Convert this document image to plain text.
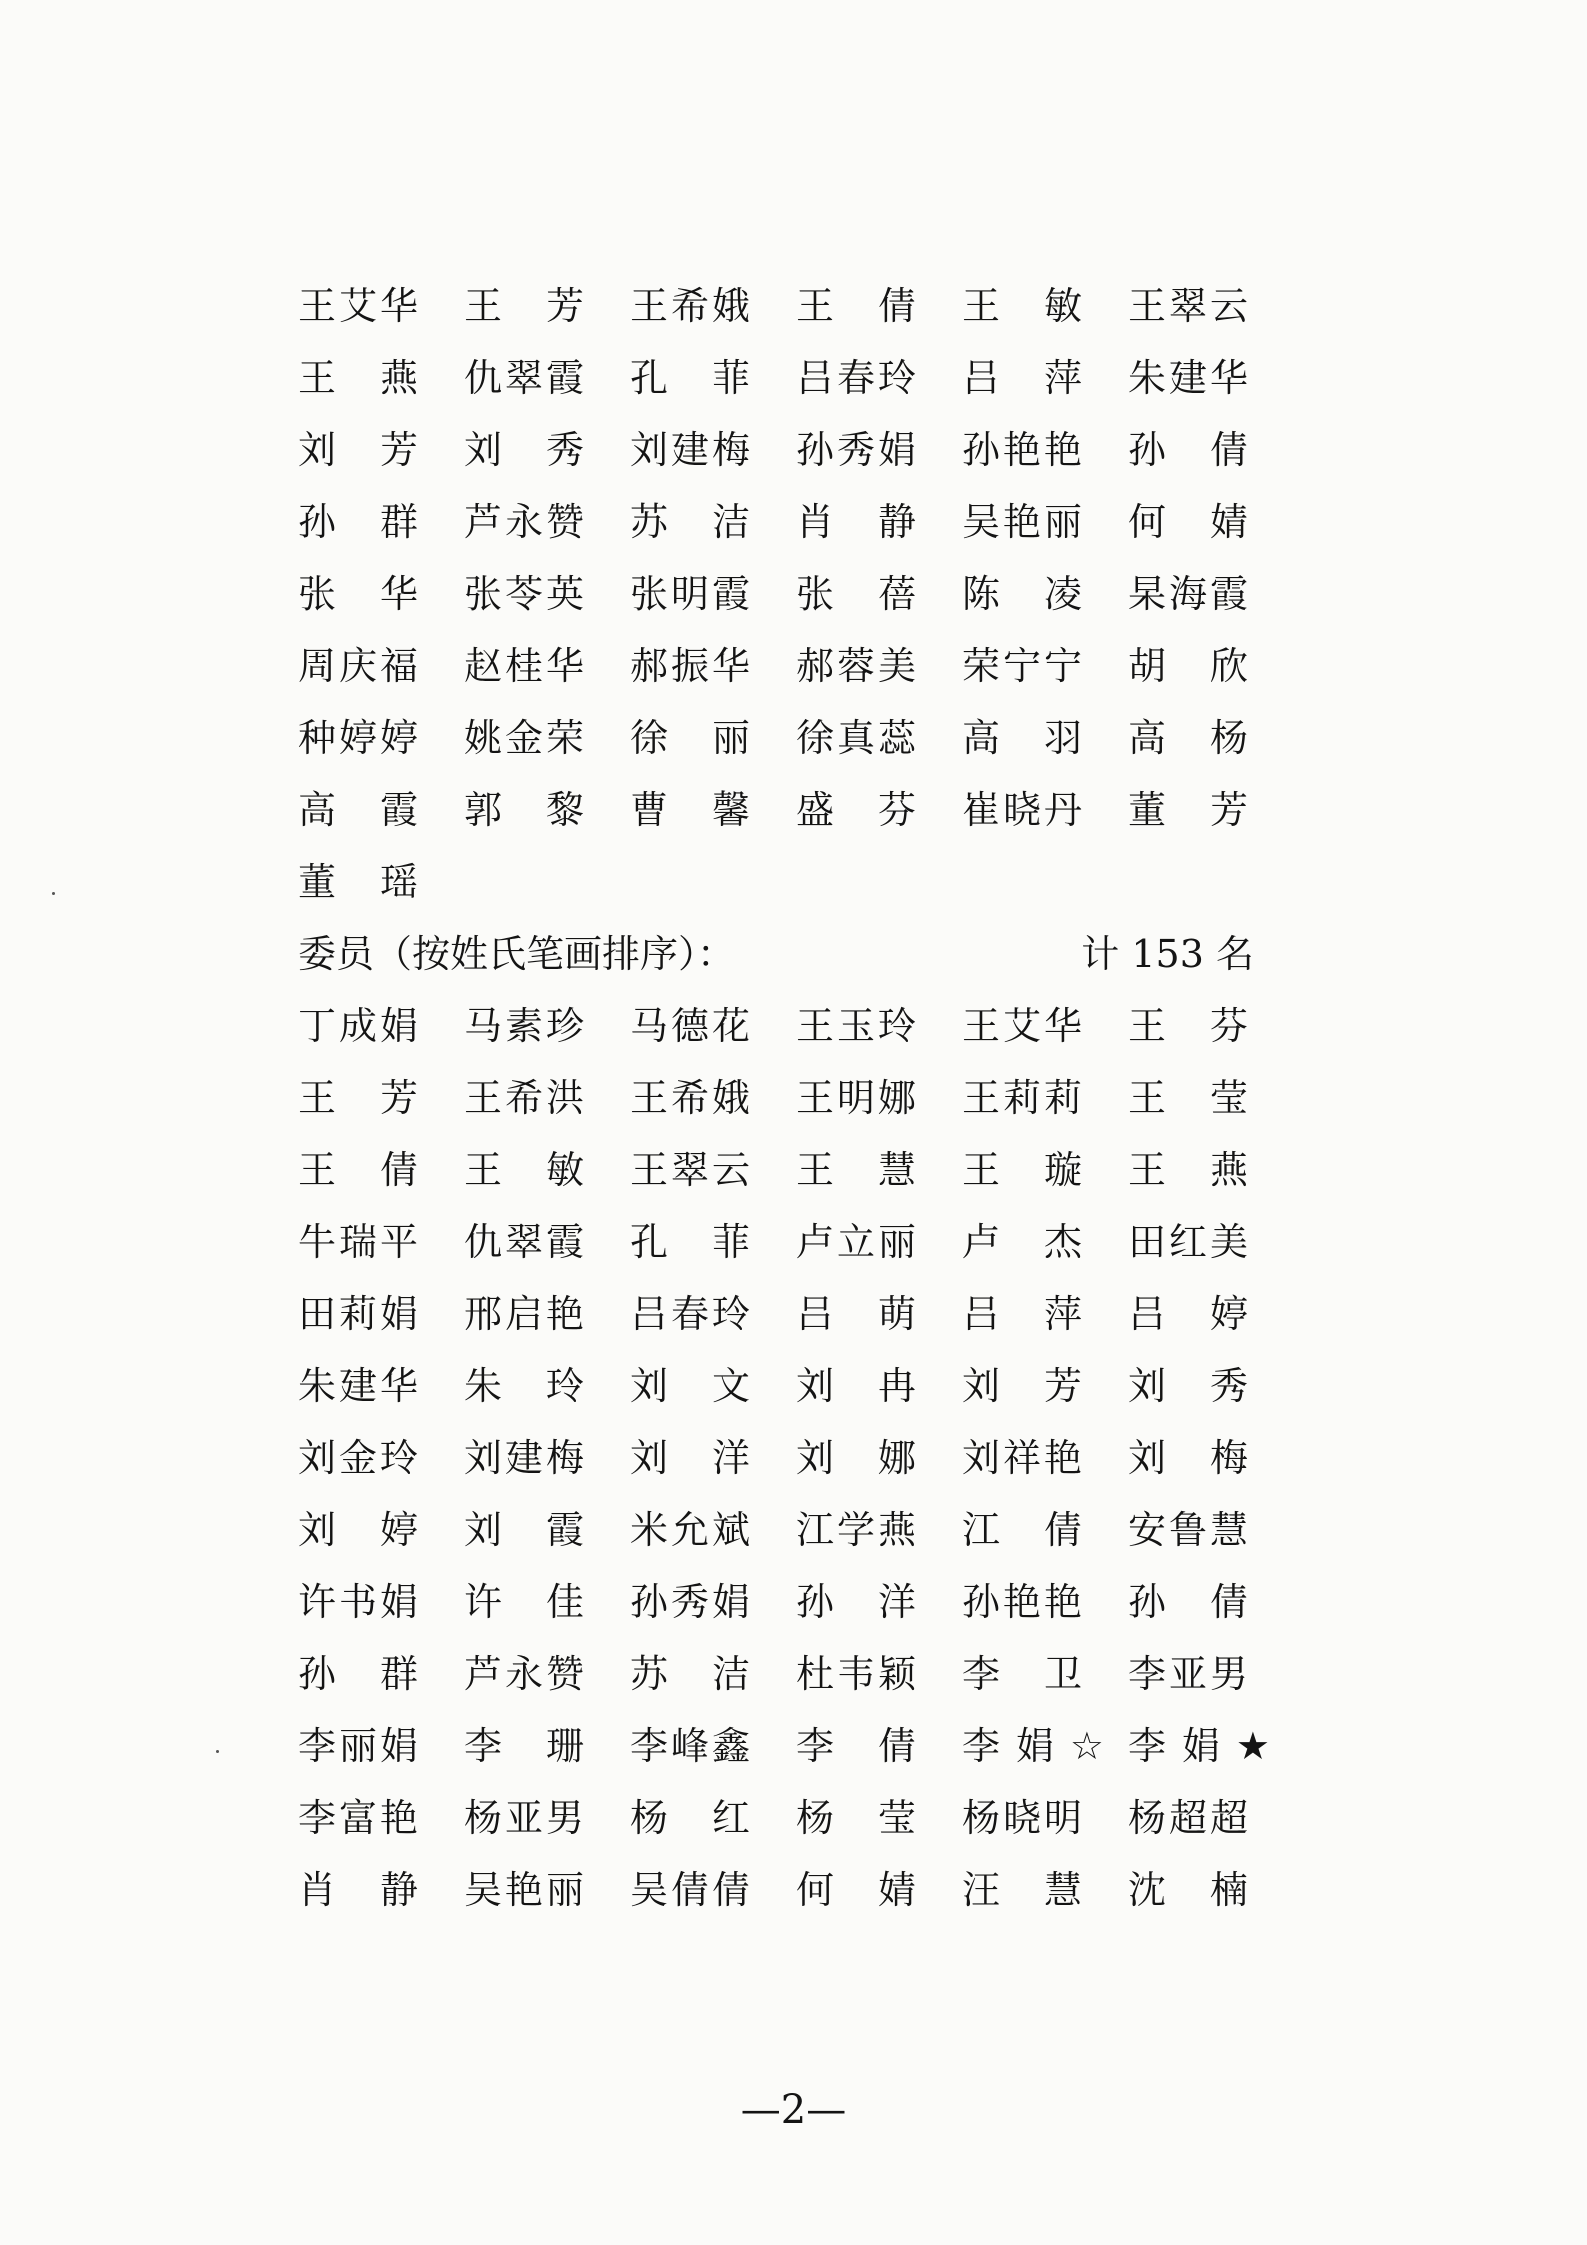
王 艾 华 王 芳 王 希 娥 王 倩 王 敏 王 翠 云
王 燕 仇 翠 霞 孔 菲 吕 春 玲 吕 萍 朱 建 华
刘 芳 刘 秀 刘 建 梅 孙 秀 娟 孙 艳 艳 孙 倩
孙 群 芦 永 赞 苏 洁 肖 静 吴 艳 丽 何 婧
张 华 张 苓 英 张 明 霞 张 蓓 陈 凌 杲 海 霞
周 庆 福 赵 桂 华 郝 振 华 郝 蓉 美 荣 宁 宁 胡 欣
种 婷 婷 姚 金 荣 徐 丽 徐 真 蕊 高 羽 高 杨
高 霞 郭 黎 曹 馨 盛 芬 崔 晓 丹 董 芳
董 瑶
委员（按姓氏笔画排序）：	计 153 名
丁 成 娟 马 素 珍 马 德 花 王 玉 玲 王 艾 华 王 芬
王 芳 王 希 洪 王 希 娥 王 明 娜 王 莉 莉 王 莹
王 倩 王 敏 王 翠 云 王 慧 王 璇 王 燕
牛 瑞 平 仇 翠 霞 孔 菲 卢 立 丽 卢 杰 田 红 美
田 莉 娟 邢 启 艳 吕 春 玲 吕 萌 吕 萍 吕 婷
朱 建 华 朱 玲 刘 文 刘 冉 刘 芳 刘 秀
刘 金 玲 刘 建 梅 刘 洋 刘 娜 刘 祥 艳 刘 梅
刘 婷 刘 霞 米 允 斌 江 学 燕 江 倩 安 鲁 慧
许 书 娟 许 佳 孙 秀 娟 孙 洋 孙 艳 艳 孙 倩
孙 群 芦 永 赞 苏 洁 杜 韦 颖 李 卫 李 亚 男
李 丽 娟 李 珊 李 峰 鑫 李 倩 李 娟 ☆ 李 娟 ★
李 富 艳 杨 亚 男 杨 红 杨 莹 杨 晓 明 杨 超 超
肖 静 吴 艳 丽 吴 倩 倩 何 婧 汪 慧 沈 楠
—2—
